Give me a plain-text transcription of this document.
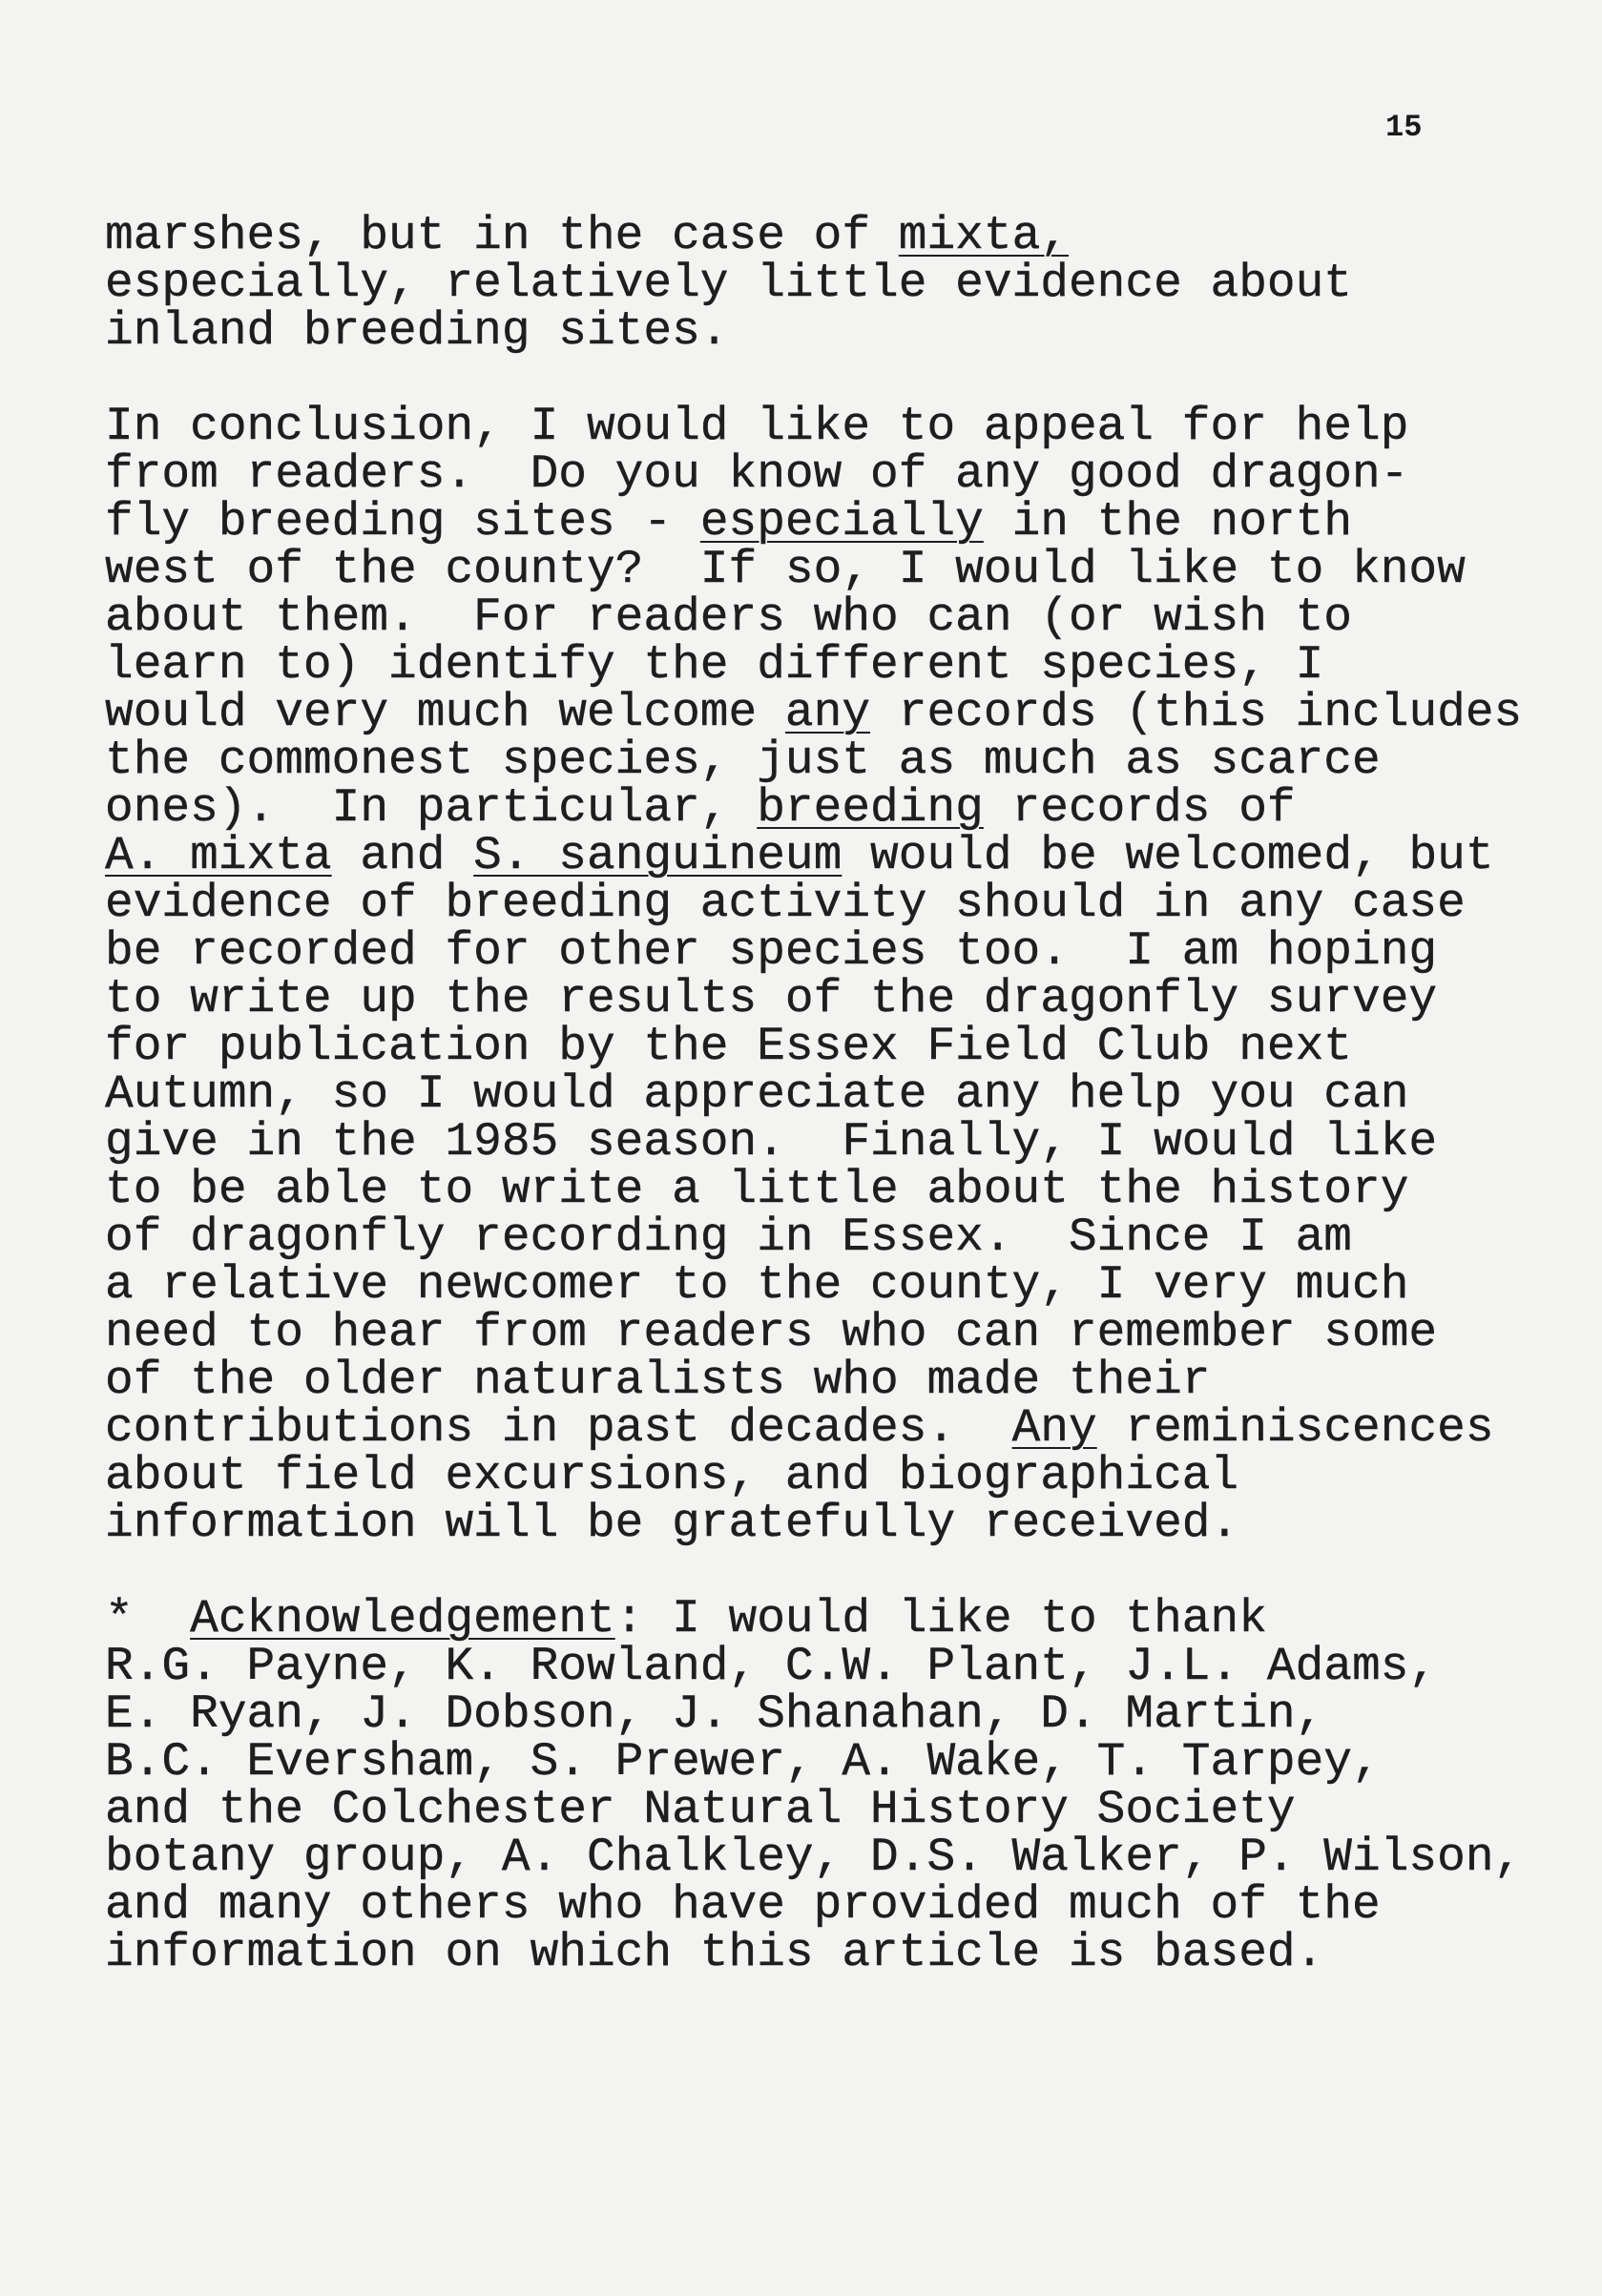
15
marshes, but in the case of mixta,
especially, relatively little evidence about
inland breeding sites.
In conclusion, I would like to appeal for help
from readers.  Do you know of any good dragon-
fly breeding sites - especially in the north
west of the county?  If so, I would like to know
about them.  For readers who can (or wish to
learn to) identify the different species, I
would very much welcome any records (this includes
the commonest species, just as much as scarce
ones).  In particular, breeding records of
A. mixta and S. sanguineum would be welcomed, but
evidence of breeding activity should in any case
be recorded for other species too.  I am hoping
to write up the results of the dragonfly survey
for publication by the Essex Field Club next
Autumn, so I would appreciate any help you can
give in the 1985 season.  Finally, I would like
to be able to write a little about the history
of dragonfly recording in Essex.  Since I am
a relative newcomer to the county, I very much
need to hear from readers who can remember some
of the older naturalists who made their
contributions in past decades.  Any reminiscences
about field excursions, and biographical
information will be gratefully received.
*  Acknowledgement: I would like to thank
R.G. Payne, K. Rowland, C.W. Plant, J.L. Adams,
E. Ryan, J. Dobson, J. Shanahan, D. Martin,
B.C. Eversham, S. Prewer, A. Wake, T. Tarpey,
and the Colchester Natural History Society
botany group, A. Chalkley, D.S. Walker, P. Wilson,
and many others who have provided much of the
information on which this article is based.
